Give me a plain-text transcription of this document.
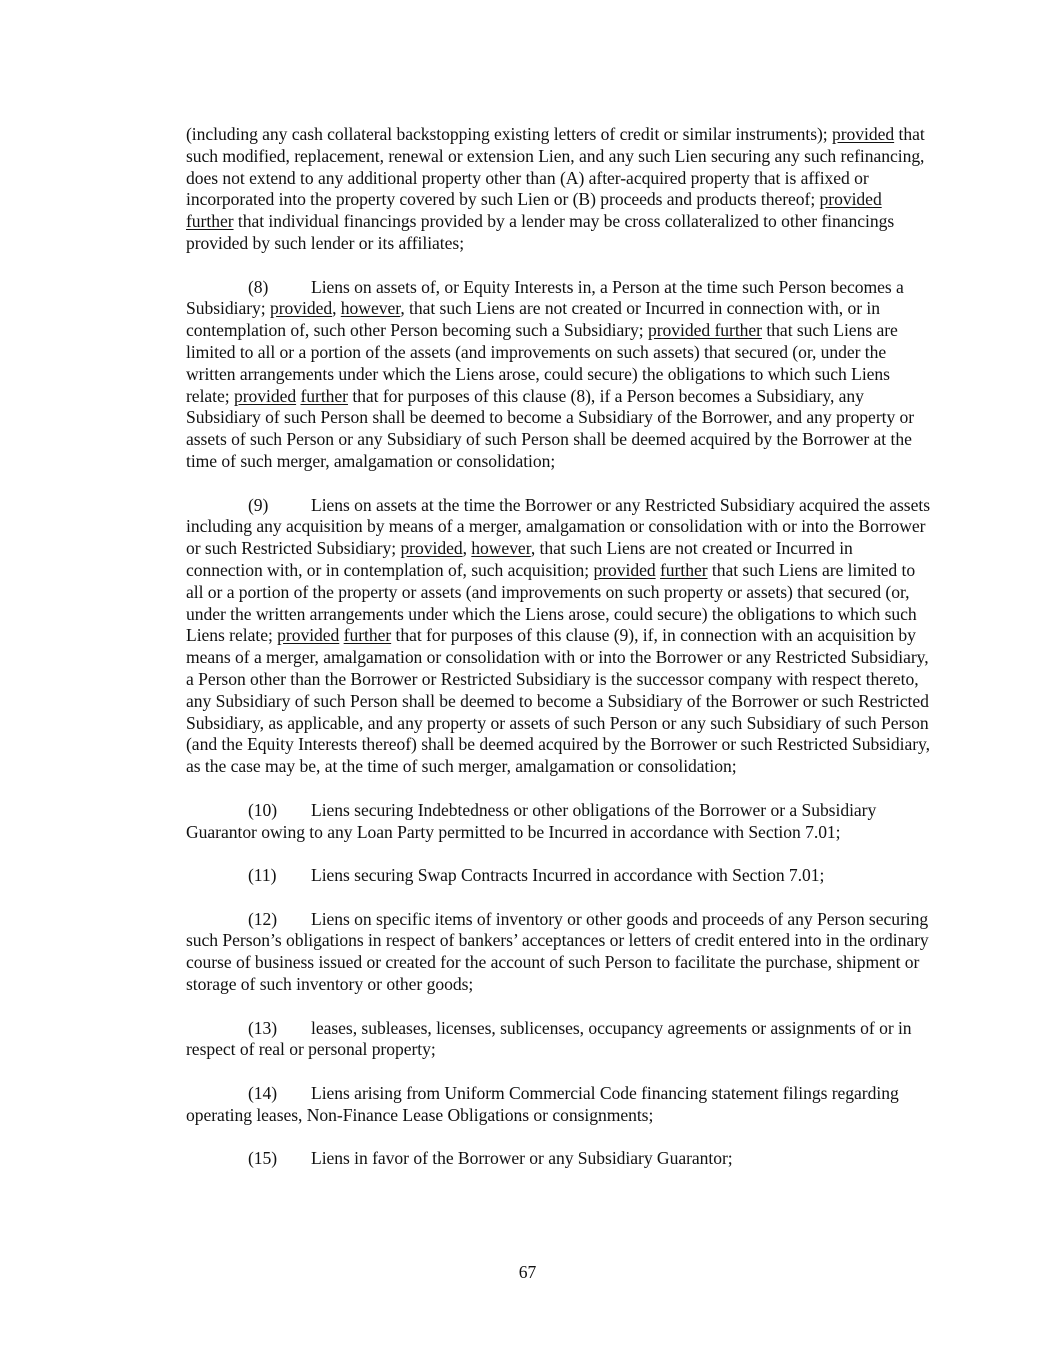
(including any cash collateral backstopping existing letters of credit or similar instruments); provided that such modified, replacement, renewal or extension Lien, and any such Lien securing any such refinancing, does not extend to any additional property other than (A) after-acquired property that is affixed or incorporated into the property covered by such Lien or (B) proceeds and products thereof; provided further that individual financings provided by a lender may be cross collateralized to other financings provided by such lender or its affiliates;

(8) Liens on assets of, or Equity Interests in, a Person at the time such Person becomes a Subsidiary; provided, however, that such Liens are not created or Incurred in connection with, or in contemplation of, such other Person becoming such a Subsidiary; provided further that such Liens are limited to all or a portion of the assets (and improvements on such assets) that secured (or, under the written arrangements under which the Liens arose, could secure) the obligations to which such Liens relate; provided further that for purposes of this clause (8), if a Person becomes a Subsidiary, any Subsidiary of such Person shall be deemed to become a Subsidiary of the Borrower, and any property or assets of such Person or any Subsidiary of such Person shall be deemed acquired by the Borrower at the time of such merger, amalgamation or consolidation;

(9) Liens on assets at the time the Borrower or any Restricted Subsidiary acquired the assets including any acquisition by means of a merger, amalgamation or consolidation with or into the Borrower or such Restricted Subsidiary; provided, however, that such Liens are not created or Incurred in connection with, or in contemplation of, such acquisition; provided further that such Liens are limited to all or a portion of the property or assets (and improvements on such property or assets) that secured (or, under the written arrangements under which the Liens arose, could secure) the obligations to which such Liens relate; provided further that for purposes of this clause (9), if, in connection with an acquisition by means of a merger, amalgamation or consolidation with or into the Borrower or any Restricted Subsidiary, a Person other than the Borrower or Restricted Subsidiary is the successor company with respect thereto, any Subsidiary of such Person shall be deemed to become a Subsidiary of the Borrower or such Restricted Subsidiary, as applicable, and any property or assets of such Person or any such Subsidiary of such Person (and the Equity Interests thereof) shall be deemed acquired by the Borrower or such Restricted Subsidiary, as the case may be, at the time of such merger, amalgamation or consolidation;

(10) Liens securing Indebtedness or other obligations of the Borrower or a Subsidiary Guarantor owing to any Loan Party permitted to be Incurred in accordance with Section 7.01;

(11) Liens securing Swap Contracts Incurred in accordance with Section 7.01;

(12) Liens on specific items of inventory or other goods and proceeds of any Person securing such Person’s obligations in respect of bankers’ acceptances or letters of credit entered into in the ordinary course of business issued or created for the account of such Person to facilitate the purchase, shipment or storage of such inventory or other goods;

(13) leases, subleases, licenses, sublicenses, occupancy agreements or assignments of or in respect of real or personal property;

(14) Liens arising from Uniform Commercial Code financing statement filings regarding operating leases, Non-Finance Lease Obligations or consignments;

(15) Liens in favor of the Borrower or any Subsidiary Guarantor;

67
